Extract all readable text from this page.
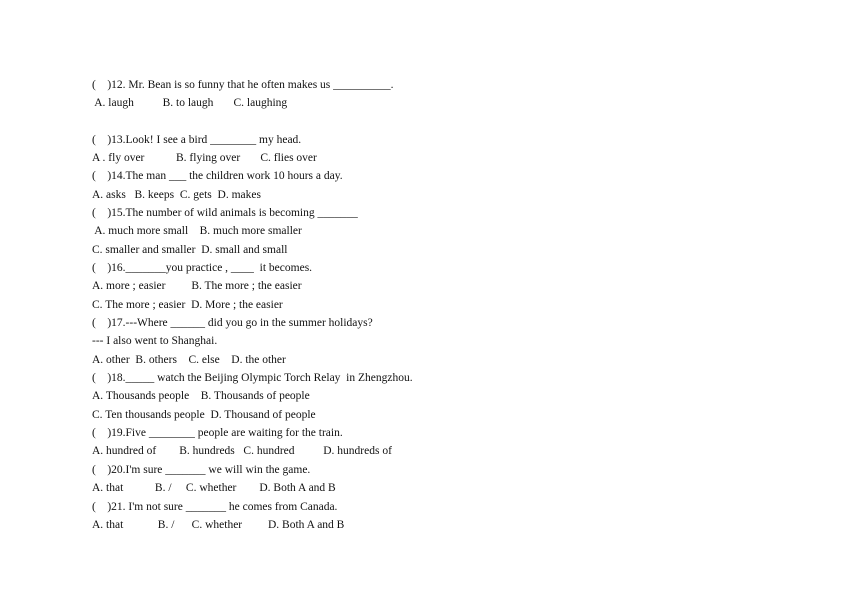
(    )12. Mr. Bean is so funny that he often makes us __________.
A. laugh          B. to laugh       C. laughing
(    )13.Look! I see a bird ________ my head.
A . fly over           B. flying over       C. flies over
(    )14.The man ___ the children work 10 hours a day.
A. asks   B. keeps  C. gets  D. makes
(    )15.The number of wild animals is becoming _______
A. much more small    B. much more smaller
C. smaller and smaller  D. small and small
(    )16._______you practice , ____  it becomes.
A. more ; easier         B. The more ; the easier
C. The more ; easier  D. More ; the easier
(    )17.---Where ______ did you go in the summer holidays?
--- I also went to Shanghai.
A. other  B. others    C. else    D. the other
(    )18._____ watch the Beijing Olympic Torch Relay  in Zhengzhou.
A. Thousands people    B. Thousands of people
C. Ten thousands people  D. Thousand of people
(    )19.Five ________ people are waiting for the train.
A. hundred of        B. hundreds   C. hundred          D. hundreds of
(    )20.I'm sure _______ we will win the game.
A. that           B. /     C. whether        D. Both A and B
(    )21. I'm not sure _______ he comes from Canada.
A. that            B. /      C. whether         D. Both A and B
